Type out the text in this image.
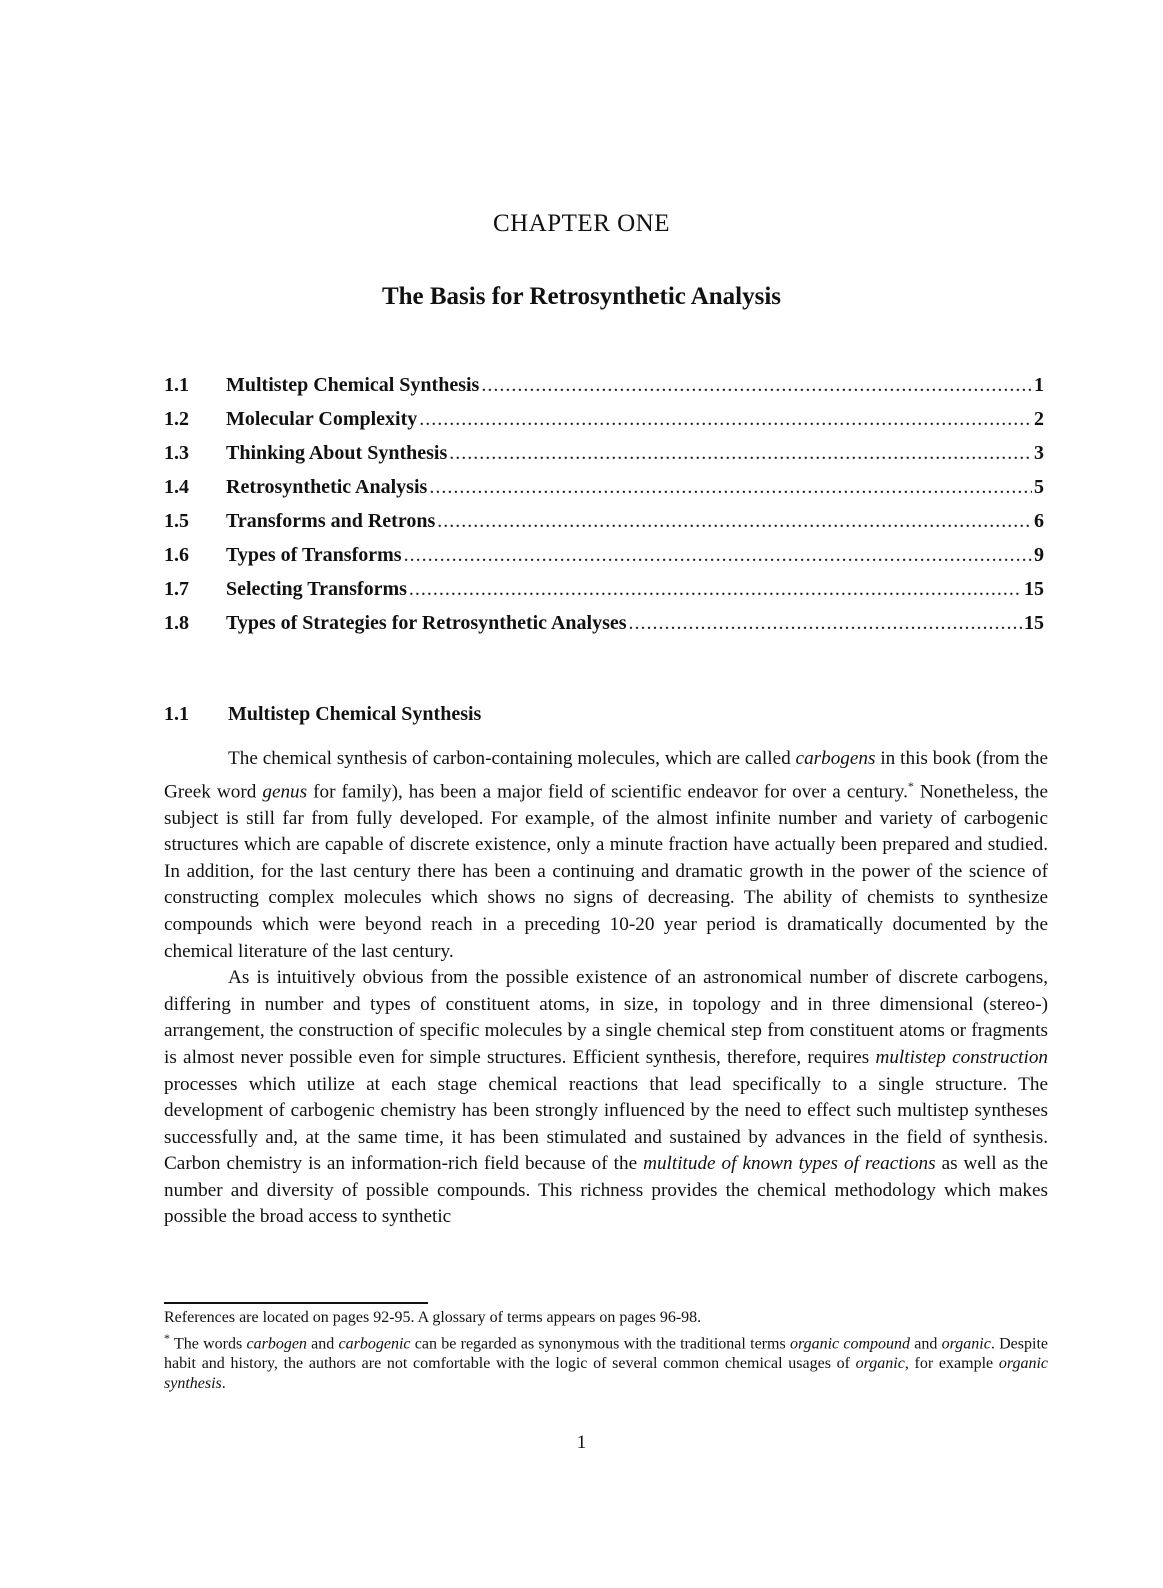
CHAPTER ONE
The Basis for Retrosynthetic Analysis
1.1	Multistep Chemical Synthesis .....	1
1.2	Molecular Complexity .....	2
1.3	Thinking About Synthesis .....	3
1.4	Retrosynthetic Analysis .....	5
1.5	Transforms and Retrons .....	6
1.6	Types of Transforms .....	9
1.7	Selecting Transforms .....	15
1.8	Types of Strategies for Retrosynthetic Analyses .....	15
1.1	Multistep Chemical Synthesis

The chemical synthesis of carbon-containing molecules, which are called carbogens in this book (from the Greek word genus for family), has been a major field of scientific endeavor for over a century.* Nonetheless, the subject is still far from fully developed. For example, of the almost infinite number and variety of carbogenic structures which are capable of discrete existence, only a minute fraction have actually been prepared and studied. In addition, for the last century there has been a continuing and dramatic growth in the power of the science of constructing complex molecules which shows no signs of decreasing. The ability of chemists to synthesize compounds which were beyond reach in a preceding 10-20 year period is dramatically documented by the chemical literature of the last century.

As is intuitively obvious from the possible existence of an astronomical number of discrete carbogens, differing in number and types of constituent atoms, in size, in topology and in three dimensional (stereo-) arrangement, the construction of specific molecules by a single chemical step from constituent atoms or fragments is almost never possible even for simple structures. Efficient synthesis, therefore, requires multistep construction processes which utilize at each stage chemical reactions that lead specifically to a single structure. The development of carbogenic chemistry has been strongly influenced by the need to effect such multistep syntheses successfully and, at the same time, it has been stimulated and sustained by advances in the field of synthesis. Carbon chemistry is an information-rich field because of the multitude of known types of reactions as well as the number and diversity of possible compounds. This richness provides the chemical methodology which makes possible the broad access to synthetic

References are located on pages 92-95. A glossary of terms appears on pages 96-98.

* The words carbogen and carbogenic can be regarded as synonymous with the traditional terms organic compound and organic. Despite habit and history, the authors are not comfortable with the logic of several common chemical usages of organic, for example organic synthesis.

1
